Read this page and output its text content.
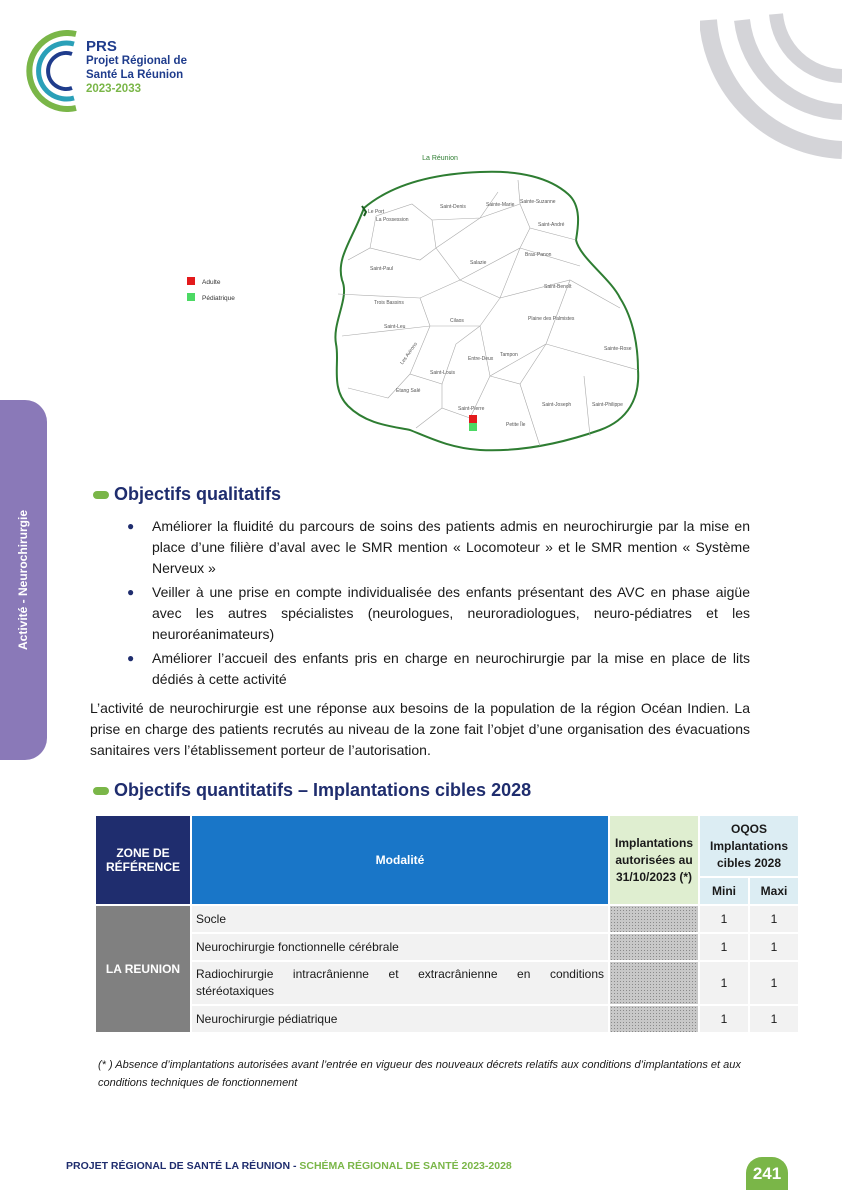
PRS
Projet Régional de
Santé La Réunion
2023-2033
Activité - Neurochirurgie
La Réunion
Le Port
La Possession
Saint-Denis	Sainte-Marie Sainte-Suzanne
Saint-André
Saint-Paul
Salazie
Bras-Panon
Saint-Benoît
Trois Bassins
Saint-Leu
Cilaos	Plaine des Palmistes
Les Avirons	Entre-Deux
Tampon
Sainte-Rose
Saint-Louis
Etang Salé
Saint-Pierre
Saint-Joseph	Saint-Philippe
Petite Île
Adulte
Pédiatrique
Objectifs qualitatifs
● Améliorer la fluidité du parcours de soins des patients admis en neurochirurgie par la mise en place d’une filière d’aval avec le SMR mention « Locomoteur » et le SMR mention « Système Nerveux »
● Veiller à une prise en compte individualisée des enfants présentant des AVC en phase aigüe avec les autres spécialistes (neurologues, neuroradiologues, neuro-pédiatres et les neuroréanimateurs)
● Améliorer l’accueil des enfants pris en charge en neurochirurgie par la mise en place de lits dédiés à cette activité
L’activité de neurochirurgie est une réponse aux besoins de la population de la région Océan Indien. La prise en charge des patients recrutés au niveau de la zone fait l’objet d’une organisation des évacuations sanitaires vers l’établissement porteur de l’autorisation.
Objectifs quantitatifs – Implantations cibles 2028
ZONE DE RÉFÉRENCE	Modalité	Implantations autorisées au 31/10/2023 (*)	OQOS Implantations cibles 2028	
			Mini	Maxi
LA REUNION	Socle		1	1
	Neurochirurgie fonctionnelle cérébrale		1	1
	Radiochirurgie intracrânienne et extracrânienne en conditions stéréotaxiques		1	1
	Neurochirurgie pédiatrique		1	1
(* ) Absence d’implantations autorisées avant l’entrée en vigueur des nouveaux décrets relatifs aux conditions d’implantations et aux conditions techniques de fonctionnement
PROJET RÉGIONAL DE SANTÉ LA RÉUNION - SCHÉMA RÉGIONAL DE SANTÉ 2023-2028	241
